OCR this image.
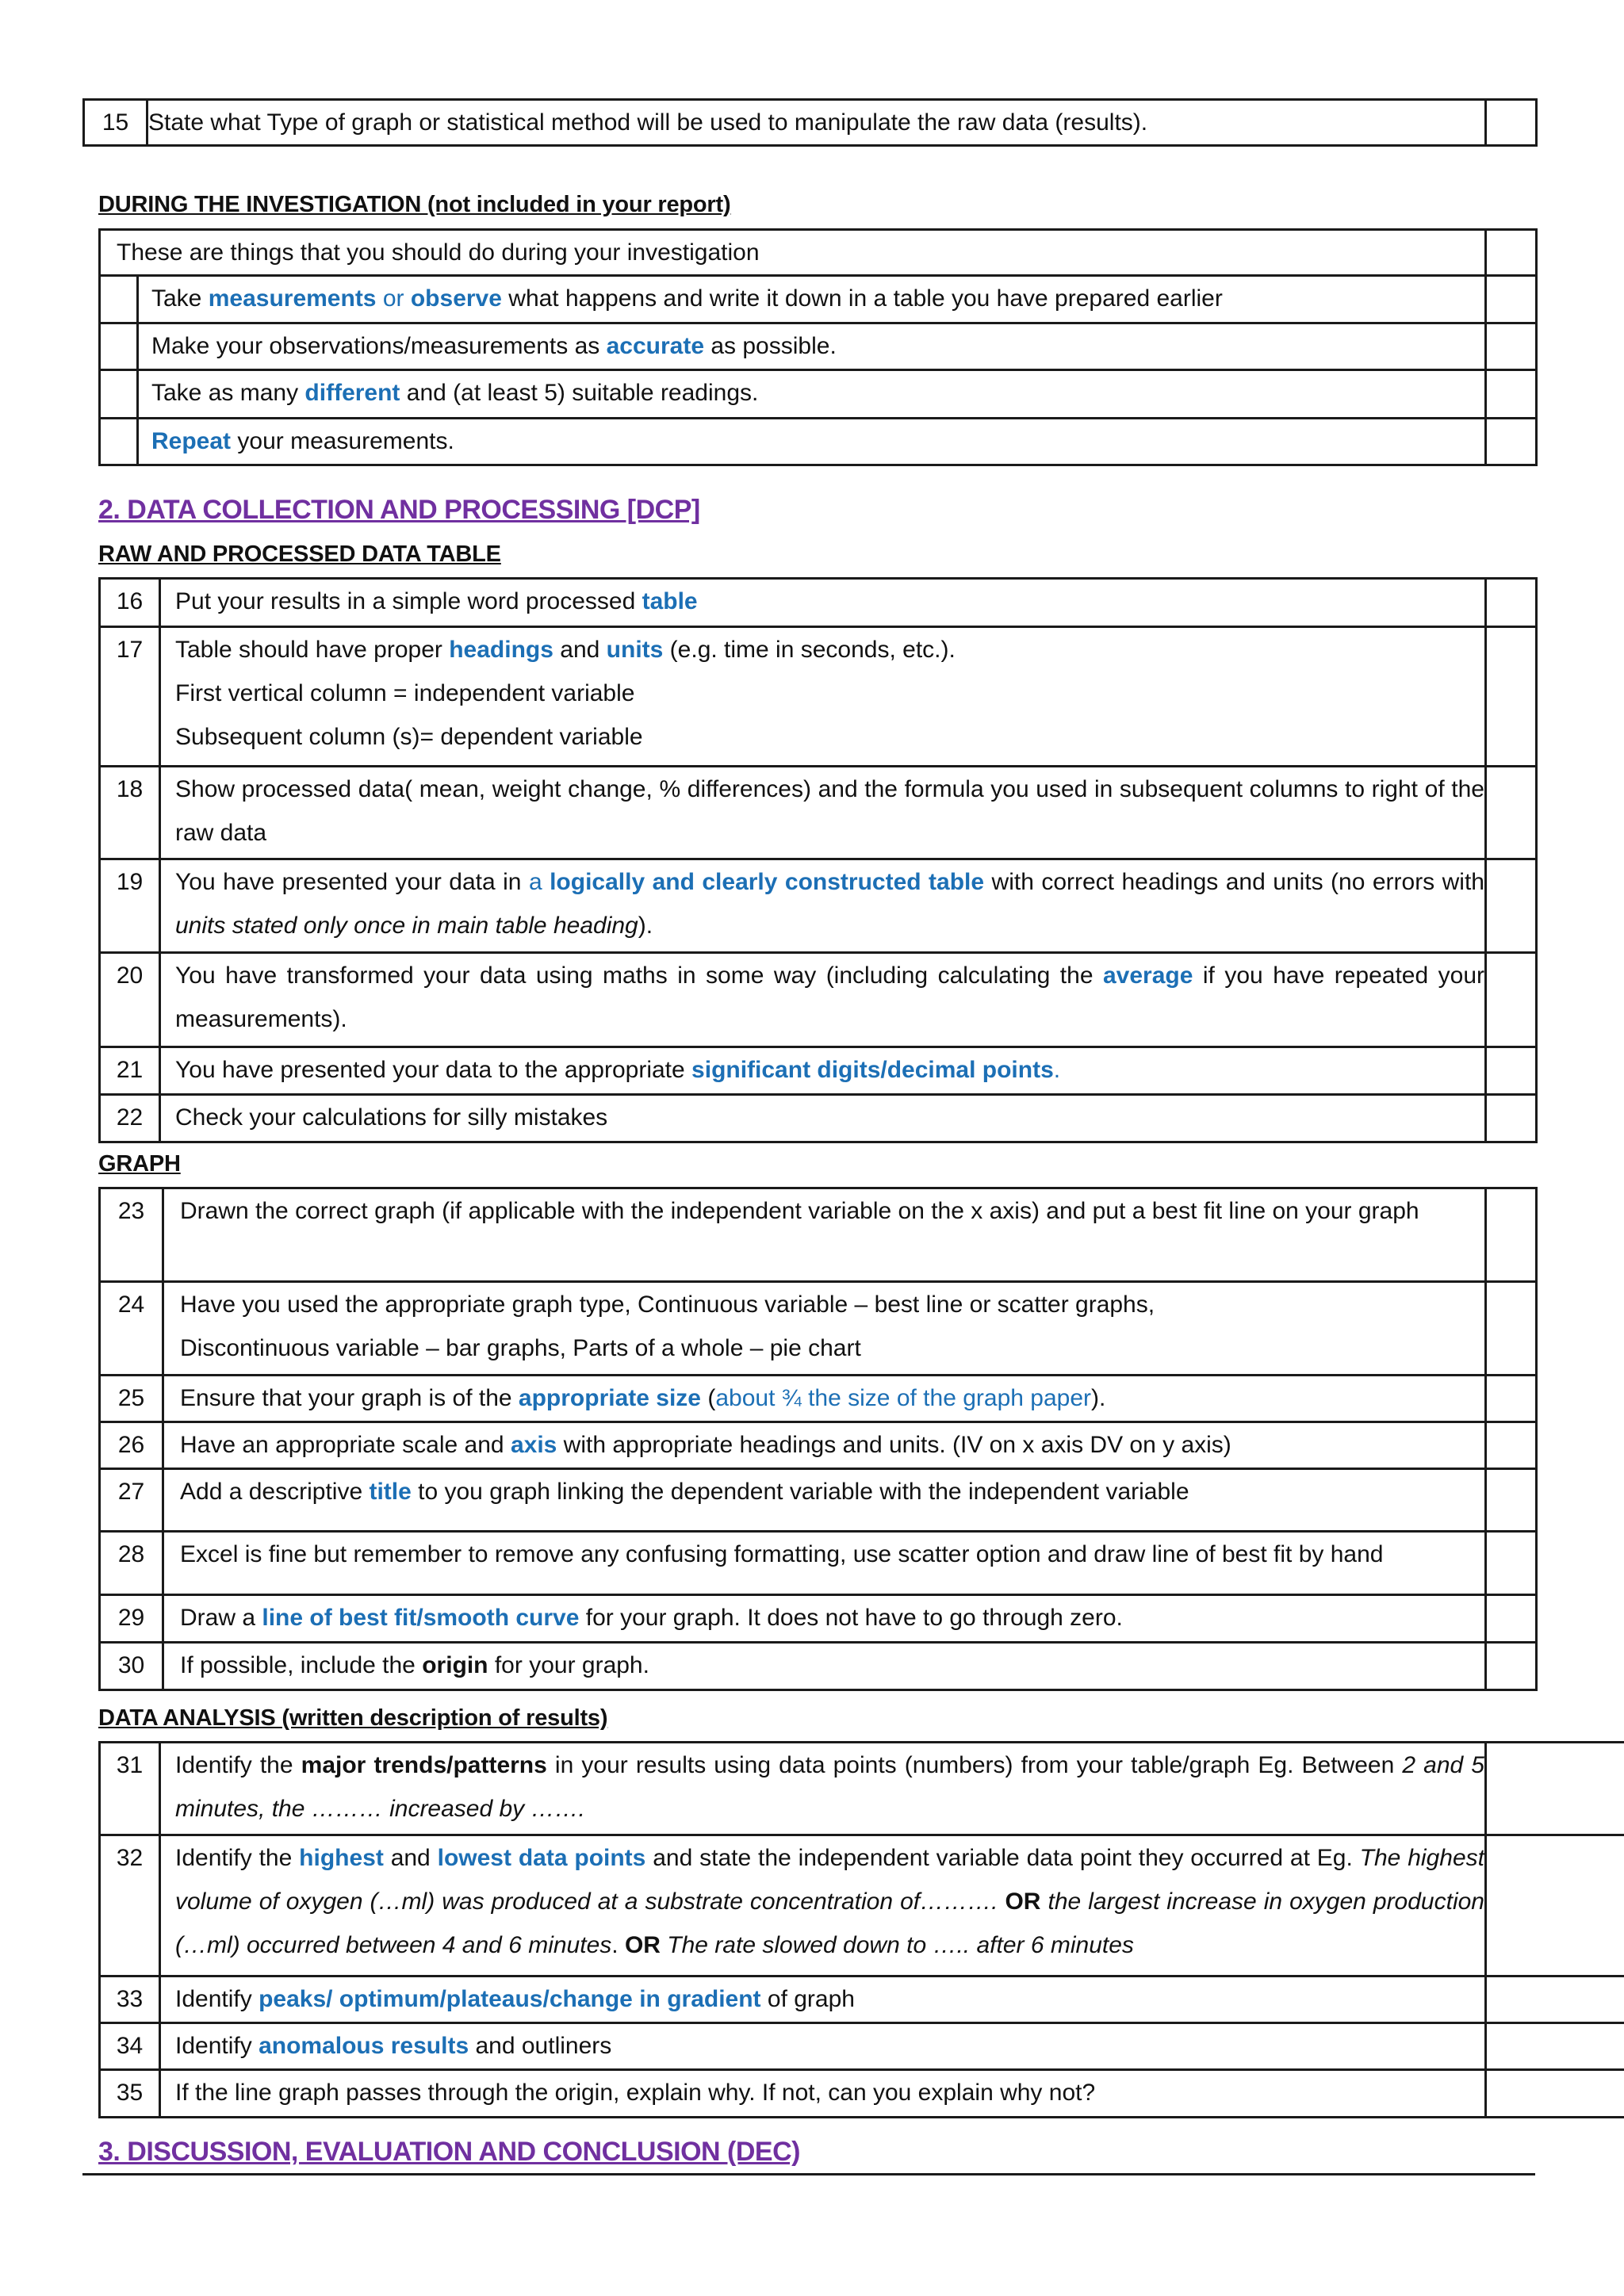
15	State what Type of graph or statistical method will be used to manipulate the raw data (results).	
DURING THE INVESTIGATION (not included in your report)
These are things that you should do during your investigation		
	Take measurements or observe what happens and write it down in a table you have prepared earlier	
	Make your observations/measurements as accurate as possible.	
	Take as many different and (at least 5) suitable readings.	
	Repeat your measurements.	
2. DATA COLLECTION AND PROCESSING [DCP]
RAW AND PROCESSED DATA TABLE
16	Put your results in a simple word processed table	

17	Table should have proper headings and units (e.g. time in seconds, etc.).
First vertical column = independent variable
Subsequent column (s)= dependent variable	

18	Show processed data( mean, weight change, % differences) and the formula you used in subsequent columns to right of the raw data	

19	You have presented your data in a logically and clearly constructed table with correct headings and units (no errors with units stated only once in main table heading).	

20	You have transformed your data using maths in some way (including calculating the average if you have repeated your measurements).	

21	You have presented your data to the appropriate significant digits/decimal points.	

22	Check your calculations for silly mistakes	

GRAPH
23	Drawn the correct graph (if applicable with the independent variable on the x axis) and put a best fit line on your graph	

24	Have you used the appropriate graph type, Continuous variable – best line or scatter graphs,
Discontinuous variable – bar graphs, Parts of a whole – pie chart	

25	Ensure that your graph is of the appropriate size (about ¾ the size of the graph paper).	

26	Have an appropriate scale and axis with appropriate headings and units. (IV on x axis DV on y axis)	

27	Add a descriptive title to you graph linking the dependent variable with the independent variable	

28	Excel is fine but remember to remove any confusing formatting, use scatter option and draw line of best fit by hand	

29	Draw a line of best fit/smooth curve for your graph. It does not have to go through zero.	

30	If possible, include the origin for your graph.	

DATA ANALYSIS (written description of results)
31	Identify the major trends/patterns in your results using data points (numbers) from your table/graph Eg. Between 2 and 5 minutes, the ……… increased by …….	

32	Identify the highest and lowest data points and state the independent variable data point they occurred at Eg. The highest volume of oxygen (…ml) was produced at a substrate concentration of………. OR the largest increase in oxygen production (…ml) occurred between 4 and 6 minutes. OR The rate slowed down to ….. after 6 minutes	

33	Identify peaks/ optimum/plateaus/change in gradient of graph	

34	Identify anomalous results and outliners	

35	If the line graph passes through the origin, explain why. If not, can you explain why not?	

3. DISCUSSION, EVALUATION AND CONCLUSION (DEC)
